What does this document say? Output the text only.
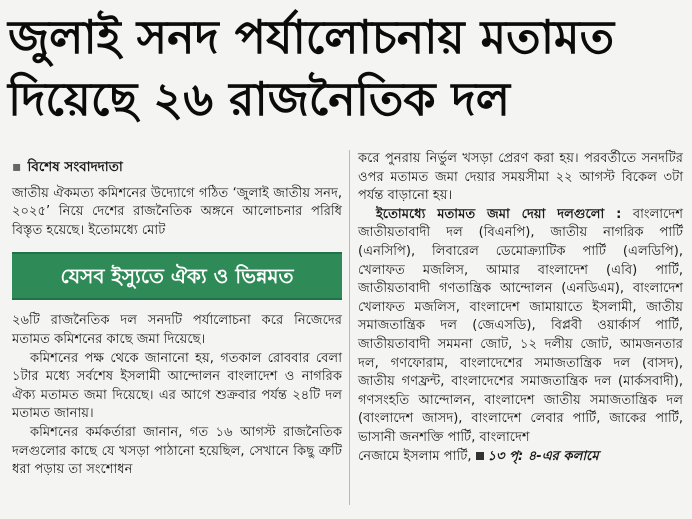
জুলাই সনদ পর্যালোচনায় মতামত
দিয়েছে ২৬ রাজনৈতিক দল
▪ বিশেষ সংবাদদাতা

জাতীয় ঐকমত্য কমিশনের উদ্যোগে গঠিত ‘জুলাই জাতীয় সনদ, ২০২৫’ নিয়ে দেশের রাজনৈতিক অঙ্গনে আলোচনার পরিধি বিস্তৃত হয়েছে। ইতোমধ্যে মোট

যেসব ইস্যুতে ঐক্য ও ভিন্নমত

২৬টি রাজনৈতিক দল সনদটি পর্যালোচনা করে নিজেদের মতামত কমিশনের কাছে জমা দিয়েছে।

কমিশনের পক্ষ থেকে জানানো হয়, গতকাল রোববার বেলা ১টার মধ্যে সর্বশেষ ইসলামী আন্দোলন বাংলাদেশ ও নাগরিক ঐক্য মতামত জমা দিয়েছে। এর আগে শুক্রবার পর্যন্ত ২৪টি দল মতামত জানায়।

কমিশনের কর্মকর্তারা জানান, গত ১৬ আগস্ট রাজনৈতিক দলগুলোর কাছে যে খসড়া পাঠানো হয়েছিল, সেখানে কিছু ত্রুটি ধরা পড়ায় তা সংশোধন

করে পুনরায় নির্ভুল খসড়া প্রেরণ করা হয়। পরবর্তীতে সনদটির ওপর মতামত জমা দেয়ার সময়সীমা ২২ আগস্ট বিকেল ৩টা পর্যন্ত বাড়ানো হয়।

ইতোমধ্যে মতামত জমা দেয়া দলগুলো : বাংলাদেশ জাতীয়তাবাদী দল (বিএনপি), জাতীয় নাগরিক পার্টি (এনসিপি), লিবারেল ডেমোক্র্যাটিক পার্টি (এলডিপি), খেলাফত মজলিস, আমার বাংলাদেশ (এবি) পার্টি, জাতীয়তাবাদী গণতান্ত্রিক আন্দোলন (এনডিএম), বাংলাদেশ খেলাফত মজলিস, বাংলাদেশ জামায়াতে ইসলামী, জাতীয় সমাজতান্ত্রিক দল (জেএসডি), বিপ্লবী ওয়ার্কার্স পার্টি, জাতীয়তাবাদী সমমনা জোট, ১২ দলীয় জোট, আমজনতার দল, গণফোরাম, বাংলাদেশের সমাজতান্ত্রিক দল (বাসদ), জাতীয় গণফ্রন্ট, বাংলাদেশের সমাজতান্ত্রিক দল (মার্কসবাদী), গণসংহতি আন্দোলন, বাংলাদেশ জাতীয় সমাজতান্ত্রিক দল (বাংলাদেশ জাসদ), বাংলাদেশ লেবার পার্টি, জাকের পার্টি, ভাসানী জনশক্তি পার্টি, বাংলাদেশ

নেজামে ইসলাম পার্টি, ১৩ পৃ: ৪-এর কলামে
